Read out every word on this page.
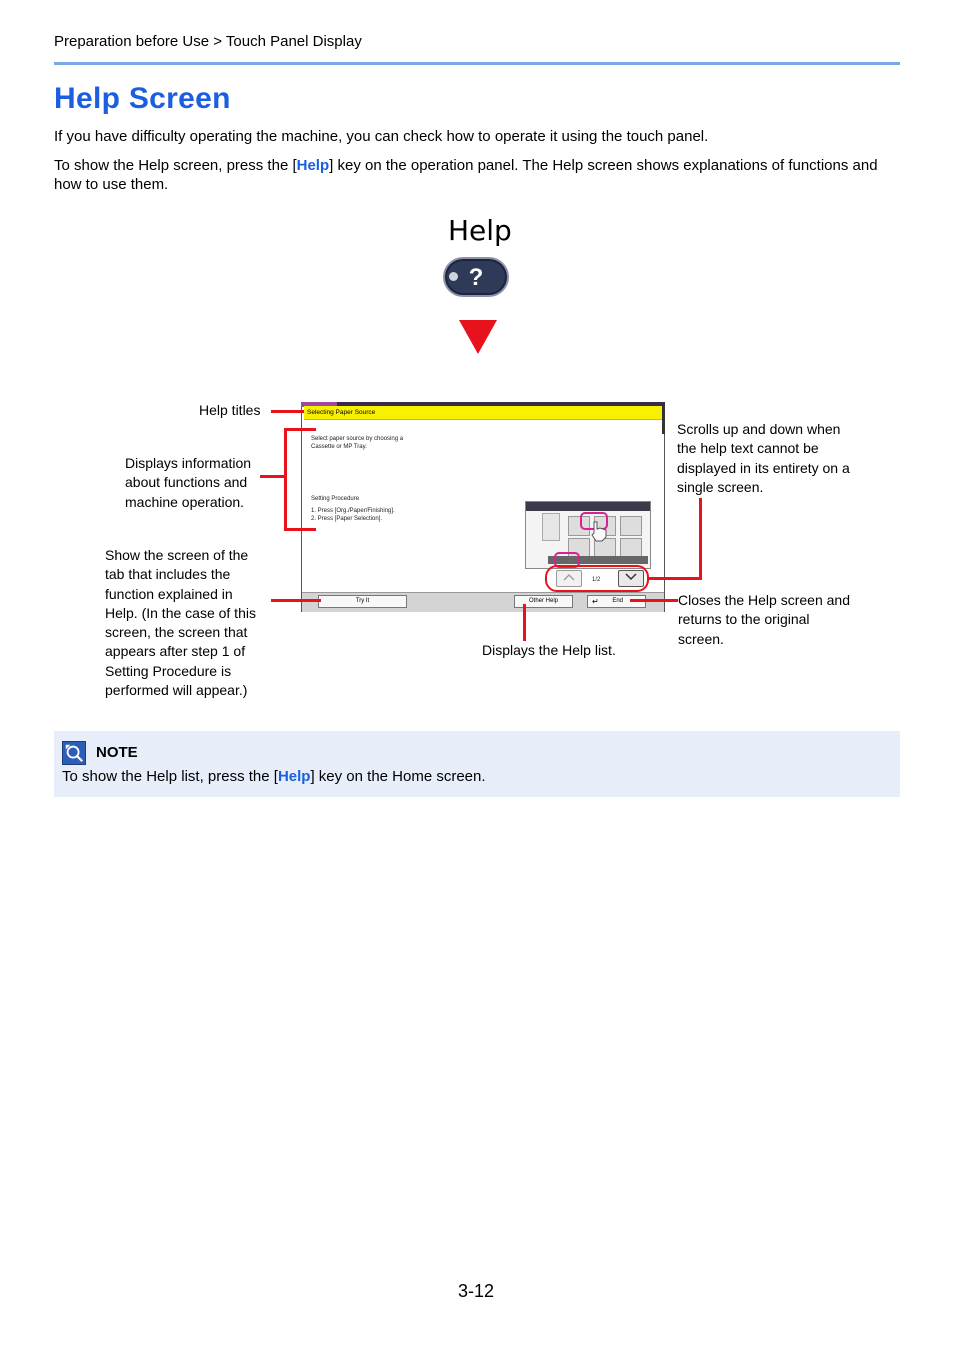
Preparation before Use > Touch Panel Display
Help Screen
If you have difficulty operating the machine, you can check how to operate it using the touch panel.
To show the Help screen, press the [Help] key on the operation panel. The Help screen shows explanations of functions and how to use them.
Help
?
Selecting Paper Source
Select paper source by choosing a
Cassette or MP Tray.
Setting Procedure
1. Press [Org./Paper/Finishing].
2. Press [Paper Selection].
1/2
Try It	Other Help	↵ End
Help titles
Displays information about functions and machine operation.
Show the screen of the tab that includes the function explained in Help. (In the case of this screen, the screen that appears after step 1 of Setting Procedure is performed will appear.)
Scrolls up and down when the help text cannot be displayed in its entirety on a single screen.
Closes the Help screen and returns to the original screen.
Displays the Help list.
NOTE
To show the Help list, press the [Help] key on the Home screen.
3-12
